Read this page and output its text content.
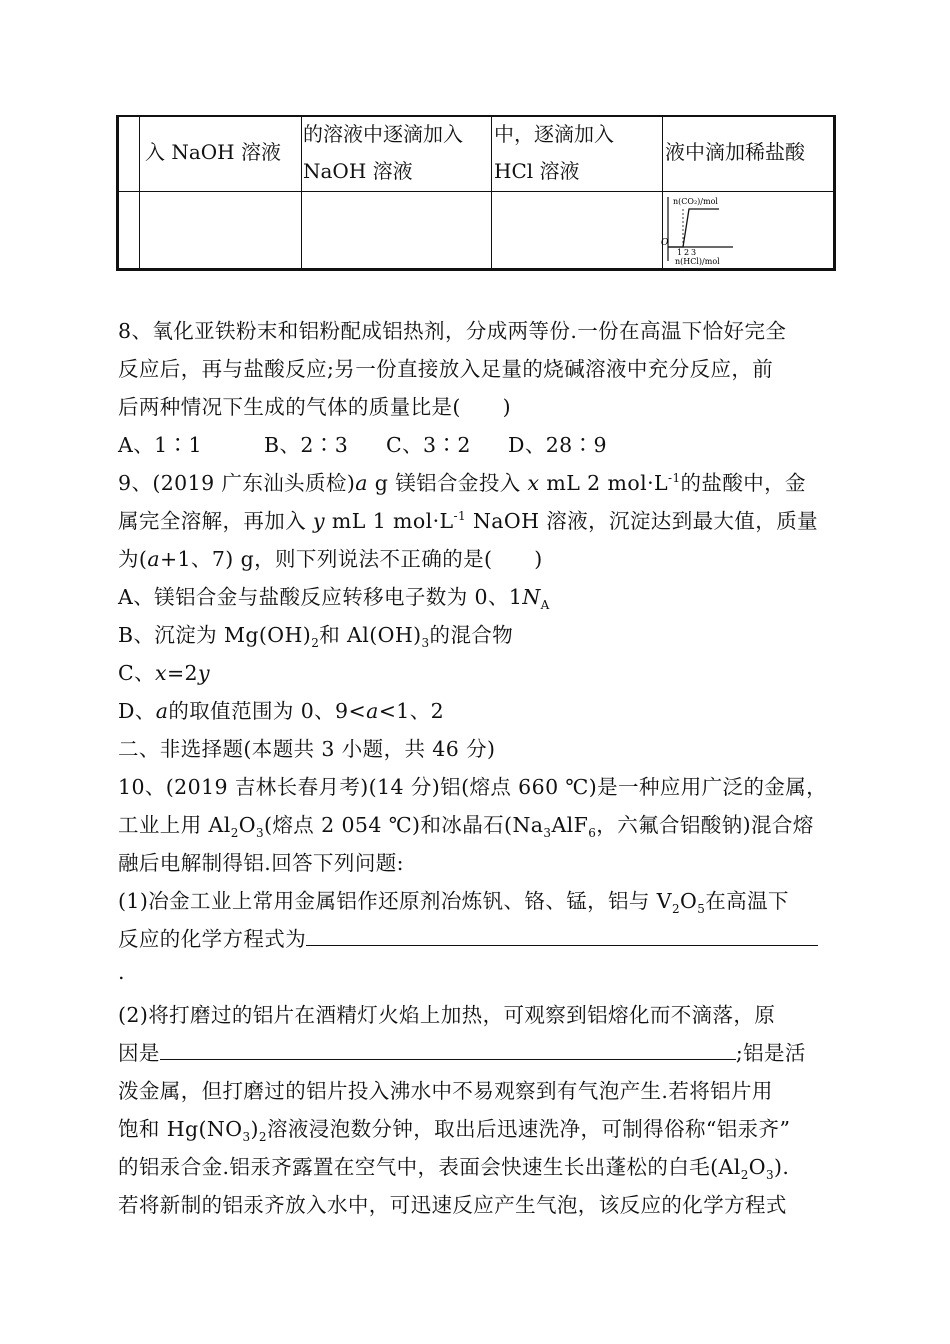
入 NaOH 溶液
的溶液中逐滴加入
NaOH 溶液
中，逐滴加入
HCl 溶液
液中滴加稀盐酸
n(CO₂)/mol
O
1 2 3
n(HCl)/mol
8、氧化亚铁粉末和铝粉配成铝热剂，分成两等份.一份在高温下恰好完全
反应后，再与盐酸反应;另一份直接放入足量的烧碱溶液中充分反应，前
后两种情况下生成的气体的质量比是(　　)
A、1∶1	B、2∶3 C、3∶2 D、28∶9
9、(2019 广东汕头质检)a g 镁铝合金投入 x mL 2 $mol\cdot L^{-1}$的盐酸中，金
属完全溶解，再加入 y mL 1 $mol\cdot L^{-1}$ NaOH 溶液，沉淀达到最大值，质量
为(a+1、7) g，则下列说法不正确的是(　　)
A、镁铝合金与盐酸反应转移电子数为 0、$1N_A$
B、沉淀为 $Mg(OH)_2$和 $Al(OH)_3$的混合物
C、x=2y
D、a的取值范围为 0、9<a<1、2
二、非选择题(本题共 3 小题，共 46 分)
10、(2019 吉林长春月考)(14 分)铝(熔点 660 ℃)是一种应用广泛的金属，
工业上用 $Al_2O_3$(熔点 2 054 ℃)和冰晶石($Na_3AlF_6$，六氟合铝酸钠)混合熔
融后电解制得铝.回答下列问题:
(1)冶金工业上常用金属铝作还原剂冶炼钒、铬、锰，铝与 $V_2O_5$在高温下
反应的化学方程式为
.
(2)将打磨过的铝片在酒精灯火焰上加热，可观察到铝熔化而不滴落，原
因是	;铝是活
泼金属，但打磨过的铝片投入沸水中不易观察到有气泡产生.若将铝片用
饱和 $Hg(NO_3)_2$溶液浸泡数分钟，取出后迅速洗净，可制得俗称“铝汞齐”
的铝汞合金.铝汞齐露置在空气中，表面会快速生长出蓬松的白毛$(Al_2O_3)$.
若将新制的铝汞齐放入水中，可迅速反应产生气泡，该反应的化学方程式
